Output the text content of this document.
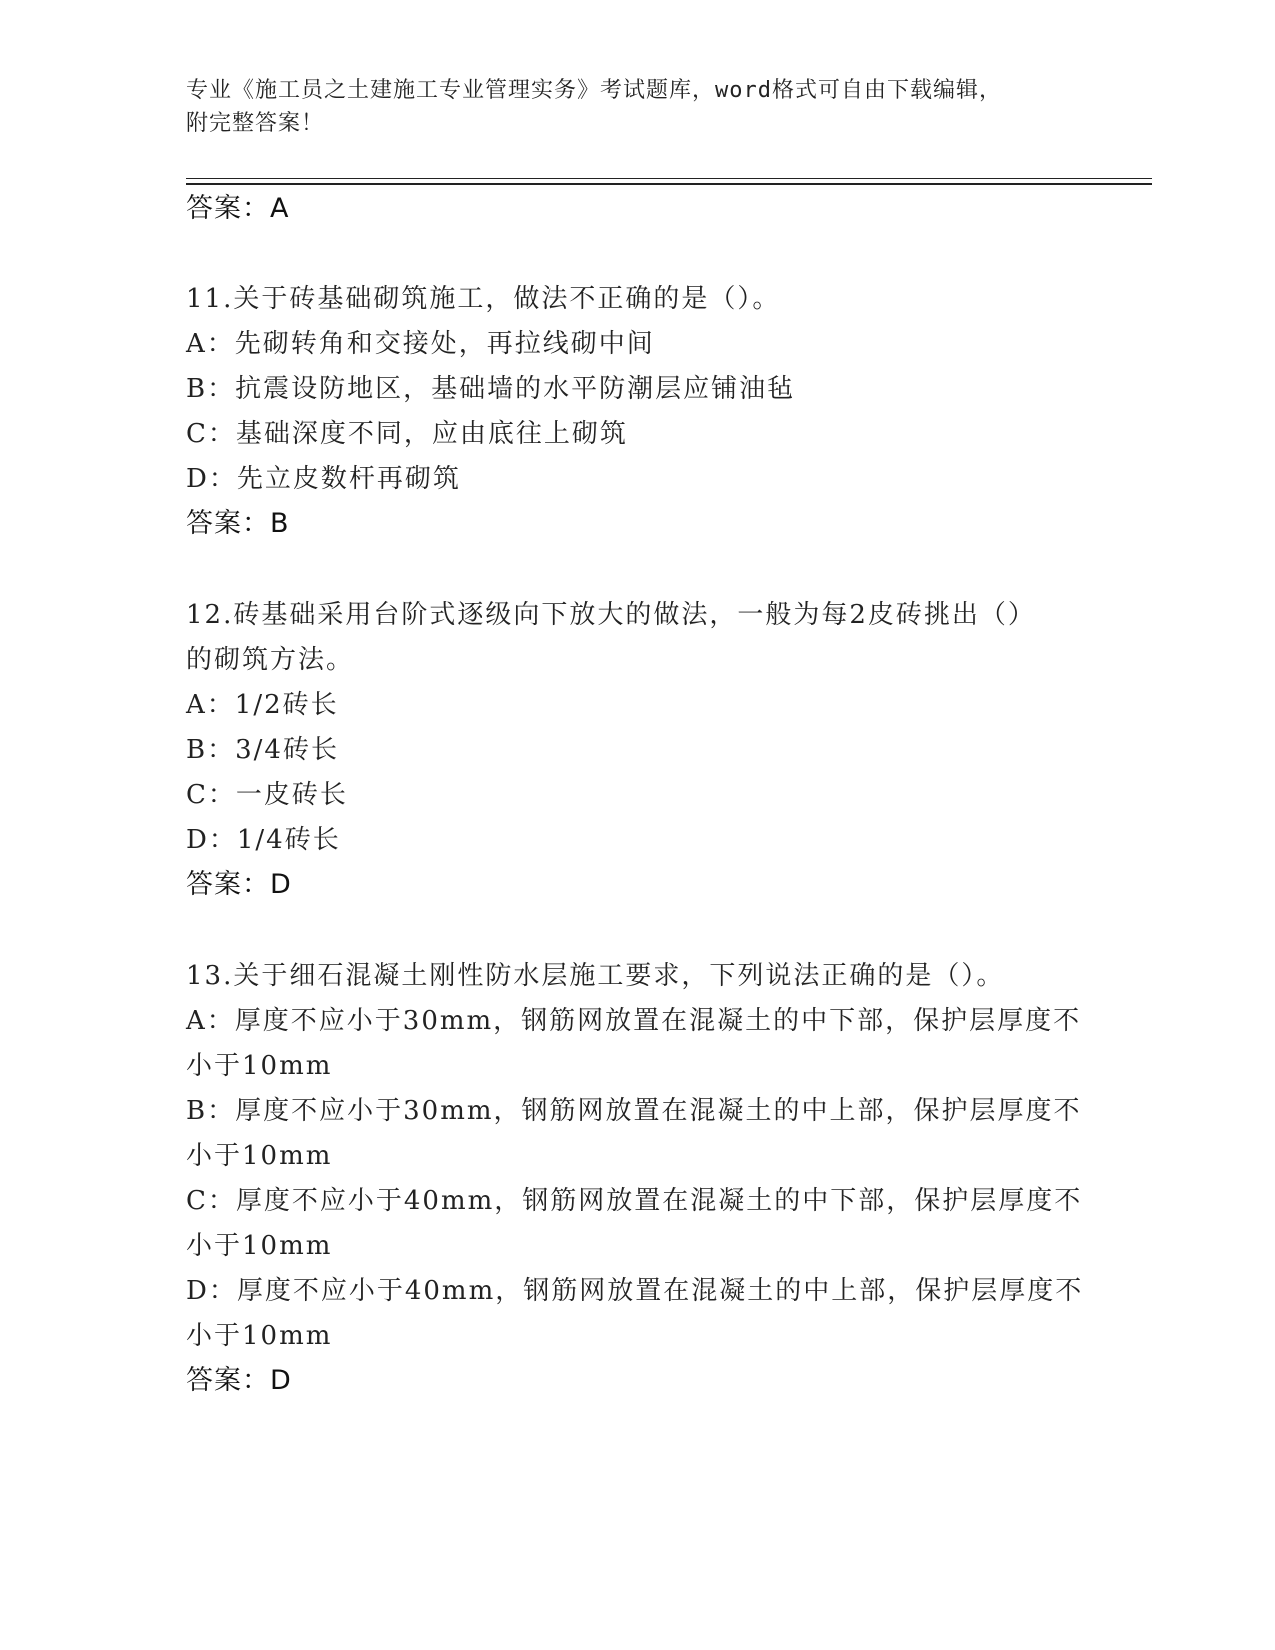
专业《施工员之土建施工专业管理实务》考试题库，word格式可自由下载编辑，
附完整答案！
答案：A
11.关于砖基础砌筑施工，做法不正确的是（）。
A：先砌转角和交接处，再拉线砌中间
B：抗震设防地区，基础墙的水平防潮层应铺油毡
C：基础深度不同，应由底往上砌筑
D：先立皮数杆再砌筑
答案：B
12.砖基础采用台阶式逐级向下放大的做法，一般为每2皮砖挑出（）
的砌筑方法。
A：1/2砖长
B：3/4砖长
C：一皮砖长
D：1/4砖长
答案：D
13.关于细石混凝土刚性防水层施工要求，下列说法正确的是（）。
A：厚度不应小于30mm，钢筋网放置在混凝土的中下部，保护层厚度不
小于10mm
B：厚度不应小于30mm，钢筋网放置在混凝土的中上部，保护层厚度不
小于10mm
C：厚度不应小于40mm，钢筋网放置在混凝土的中下部，保护层厚度不
小于10mm
D：厚度不应小于40mm，钢筋网放置在混凝土的中上部，保护层厚度不
小于10mm
答案：D
